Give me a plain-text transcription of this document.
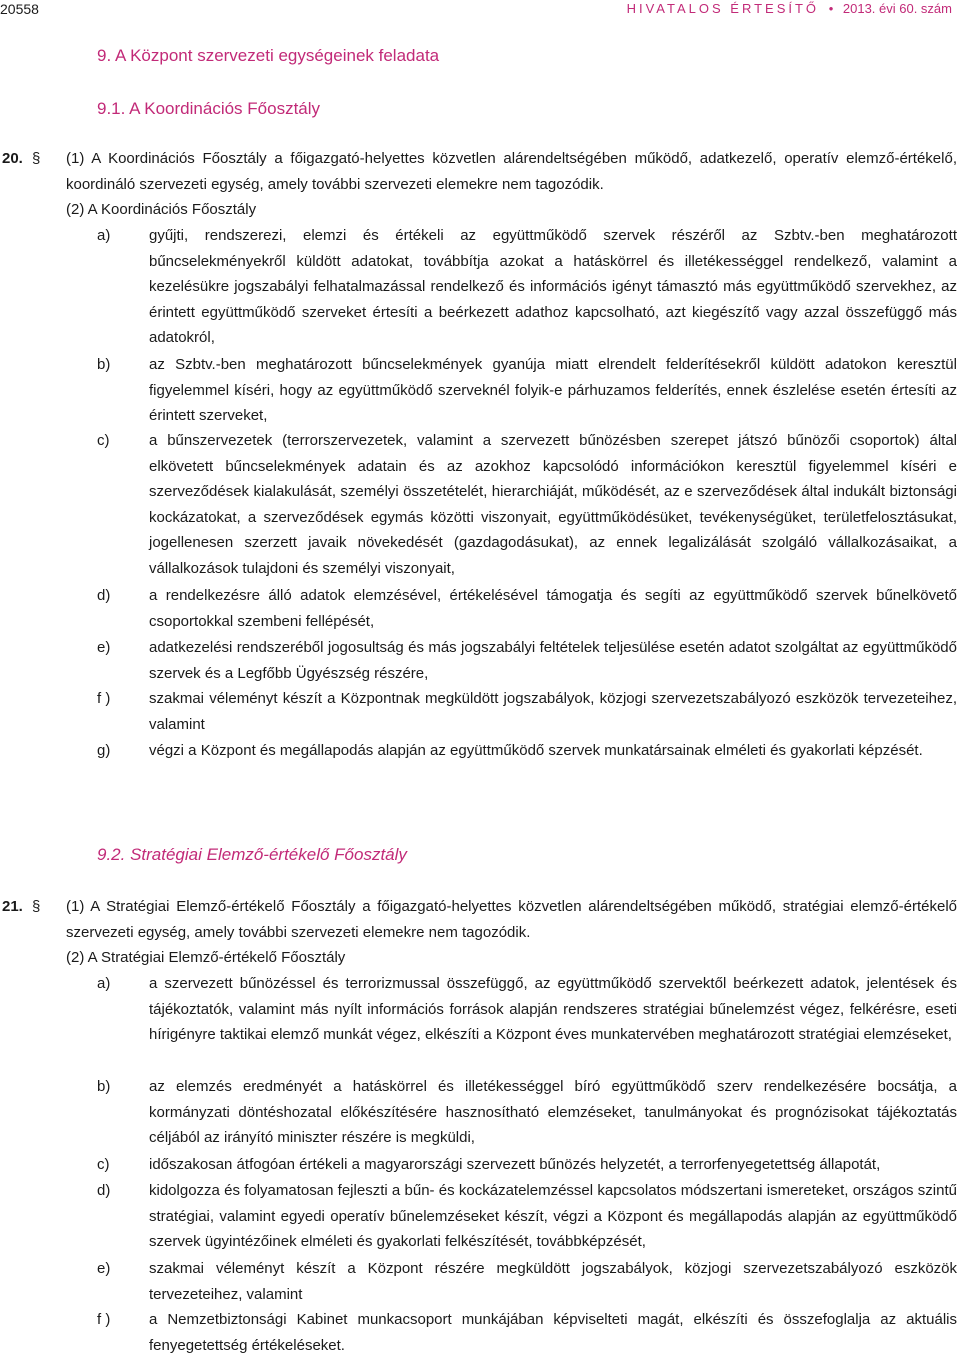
20558	HIVATALOS ÉRTESÍTŐ • 2013. évi 60. szám
9. A Központ szervezeti egységeinek feladata
9.1. A Koordinációs Főosztály
20. § (1) A Koordinációs Főosztály a főigazgató-helyettes közvetlen alárendeltségében működő, adatkezelő, operatív elemző-értékelő, koordináló szervezeti egység, amely további szervezeti elemekre nem tagozódik.
(2) A Koordinációs Főosztály
a)	gyűjti, rendszerezi, elemzi és értékeli az együttműködő szervek részéről az Szbtv.-ben meghatározott bűncselekményekről küldött adatokat, továbbítja azokat a hatáskörrel és illetékességgel rendelkező, valamint a kezelésükre jogszabályi felhatalmazással rendelkező és információs igényt támasztó más együttműködő szervekhez, az érintett együttműködő szerveket értesíti a beérkezett adathoz kapcsolható, azt kiegészítő vagy azzal összefüggő más adatokról,
b)	az Szbtv.-ben meghatározott bűncselekmények gyanúja miatt elrendelt felderítésekről küldött adatokon keresztül figyelemmel kíséri, hogy az együttműködő szerveknél folyik-e párhuzamos felderítés, ennek észlelése esetén értesíti az érintett szerveket,
c)	a bűnszervezetek (terrorszervezetek, valamint a szervezett bűnözésben szerepet játszó bűnözői csoportok) által elkövetett bűncselekmények adatain és az azokhoz kapcsolódó információkon keresztül figyelemmel kíséri e szerveződések kialakulását, személyi összetételét, hierarchiáját, működését, az e szerveződések által indukált biztonsági kockázatokat, a szerveződések egymás közötti viszonyait, együttműködésüket, tevékenységüket, területfelosztásukat, jogellenesen szerzett javaik növekedését (gazdagodásukat), az ennek legalizálását szolgáló vállalkozásaikat, a vállalkozások tulajdoni és személyi viszonyait,
d)	a rendelkezésre álló adatok elemzésével, értékelésével támogatja és segíti az együttműködő szervek bűnelkövető csoportokkal szembeni fellépését,
e)	adatkezelési rendszeréből jogosultság és más jogszabályi feltételek teljesülése esetén adatot szolgáltat az együttműködő szervek és a Legfőbb Ügyészség részére,
f )	szakmai véleményt készít a Központnak megküldött jogszabályok, közjogi szervezetszabályozó eszközök tervezeteihez, valamint
g)	végzi a Központ és megállapodás alapján az együttműködő szervek munkatársainak elméleti és gyakorlati képzését.
9.2. Stratégiai Elemző-értékelő Főosztály
21. § (1) A Stratégiai Elemző-értékelő Főosztály a főigazgató-helyettes közvetlen alárendeltségében működő, stratégiai elemző-értékelő szervezeti egység, amely további szervezeti elemekre nem tagozódik.
(2) A Stratégiai Elemző-értékelő Főosztály
a)	a szervezett bűnözéssel és terrorizmussal összefüggő, az együttműködő szervektől beérkezett adatok, jelentések és tájékoztatók, valamint más nyílt információs források alapján rendszeres stratégiai bűnelemzést végez, felkérésre, eseti hírigényre taktikai elemző munkát végez, elkészíti a Központ éves munkatervében meghatározott stratégiai elemzéseket,
b)	az elemzés eredményét a hatáskörrel és illetékességgel bíró együttműködő szerv rendelkezésére bocsátja, a kormányzati döntéshozatal előkészítésére hasznosítható elemzéseket, tanulmányokat és prognózisokat tájékoztatás céljából az irányító miniszter részére is megküldi,
c)	időszakosan átfogóan értékeli a magyarországi szervezett bűnözés helyzetét, a terrorfenyegetettség állapotát,
d)	kidolgozza és folyamatosan fejleszti a bűn- és kockázatelemzéssel kapcsolatos módszertani ismereteket, országos szintű stratégiai, valamint egyedi operatív bűnelemzéseket készít, végzi a Központ és megállapodás alapján az együttműködő szervek ügyintézőinek elméleti és gyakorlati felkészítését, továbbképzését,
e)	szakmai véleményt készít a Központ részére megküldött jogszabályok, közjogi szervezetszabályozó eszközök tervezeteihez, valamint
f )	a Nemzetbiztonsági Kabinet munkacsoport munkájában képviselteti magát, elkészíti és összefoglalja az aktuális fenyegetettség értékeléseket.
